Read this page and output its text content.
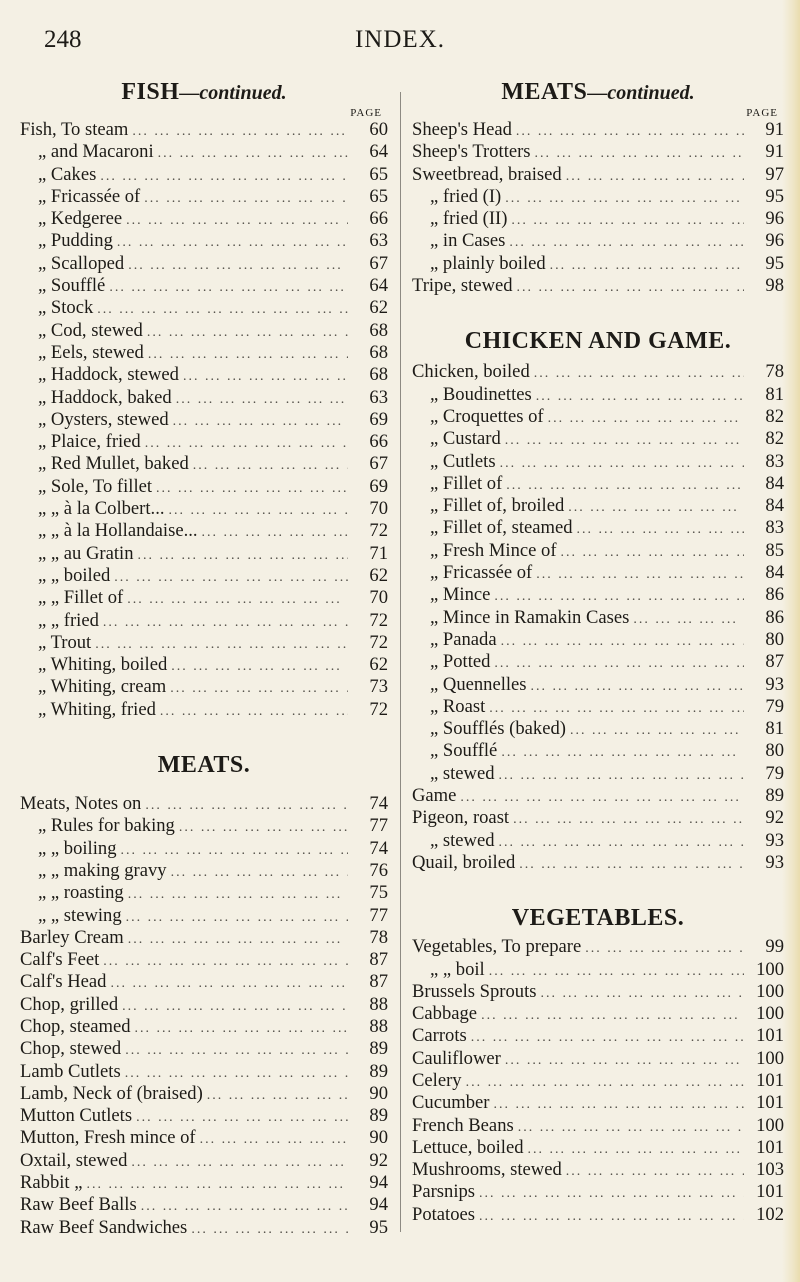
248	INDEX.
FISH—continued.
PAGE
Fish, To steam ... .	60
„ and Macaroni ... .	64
„ Cakes ... .	65
„ Fricassée of ... .	65
„ Kedgeree ... .	66
„ Pudding ... .	63
„ Scalloped ... .	67
„ Soufflé ... .	64
„ Stock ... .	62
„ Cod, stewed ... .	68
„ Eels, stewed ... .	68
„ Haddock, stewed ... .	68
„ Haddock, baked ... .	63
„ Oysters, stewed ... .	69
„ Plaice, fried ... .	66
„ Red Mullet, baked ... .	67
„ Sole, To fillet ... .	69
„ „ à la Colbert... ... .	70
„ „ à la Hollandaise... ... .	72
„ „ au Gratin ... .	71
„ „ boiled ... .	62
„ „ Fillet of ... .	70
„ „ fried ... .	72
„ Trout ... .	72
„ Whiting, boiled ... .	62
„ Whiting, cream ... .	73
„ Whiting, fried ... .	72
MEATS.
Meats, Notes on ... .	74
„ Rules for baking ... .	77
„ „ boiling ... .	74
„ „ making gravy ... .	76
„ „ roasting ... .	75
„ „ stewing ... .	77
Barley Cream ... .	78
Calf's Feet ... .	87
Calf's Head ... .	87
Chop, grilled ... .	88
Chop, steamed ... .	88
Chop, stewed ... .	89
Lamb Cutlets ... .	89
Lamb, Neck of (braised) ... .	90
Mutton Cutlets ... .	89
Mutton, Fresh mince of ... .	90
Oxtail, stewed ... .	92
Rabbit „ ... .	94
Raw Beef Balls ... .	94
Raw Beef Sandwiches ... .	95
MEATS—continued.
PAGE
Sheep's Head ... .	91
Sheep's Trotters ... .	91
Sweetbread, braised ... .	97
„ fried (I) ... .	95
„ fried (II) ... .	96
„ in Cases ... .	96
„ plainly boiled ... .	95
Tripe, stewed ... .	98
CHICKEN AND GAME.
Chicken, boiled ... .	78
„ Boudinettes ... .	81
„ Croquettes of ... .	82
„ Custard ... .	82
„ Cutlets ... .	83
„ Fillet of ... .	84
„ Fillet of, broiled ... .	84
„ Fillet of, steamed ... .	83
„ Fresh Mince of ... .	85
„ Fricassée of ... .	84
„ Mince ... .	86
„ Mince in Ramakin Cases ... .	86
„ Panada ... .	80
„ Potted ... .	87
„ Quennelles ... .	93
„ Roast ... .	79
„ Soufflés (baked) ... .	81
„ Soufflé ... .	80
„ stewed ... .	79
Game ... .	89
Pigeon, roast ... .	92
„ stewed ... .	93
Quail, broiled ... .	93
VEGETABLES.
Vegetables, To prepare ... .	99
„ „ boil ... .	100
Brussels Sprouts ... .	100
Cabbage ... .	100
Carrots ... .	101
Cauliflower ... .	100
Celery ... .	101
Cucumber ... .	101
French Beans ... .	100
Lettuce, boiled ... .	101
Mushrooms, stewed ... .	103
Parsnips ... .	101
Potatoes ... .	102
